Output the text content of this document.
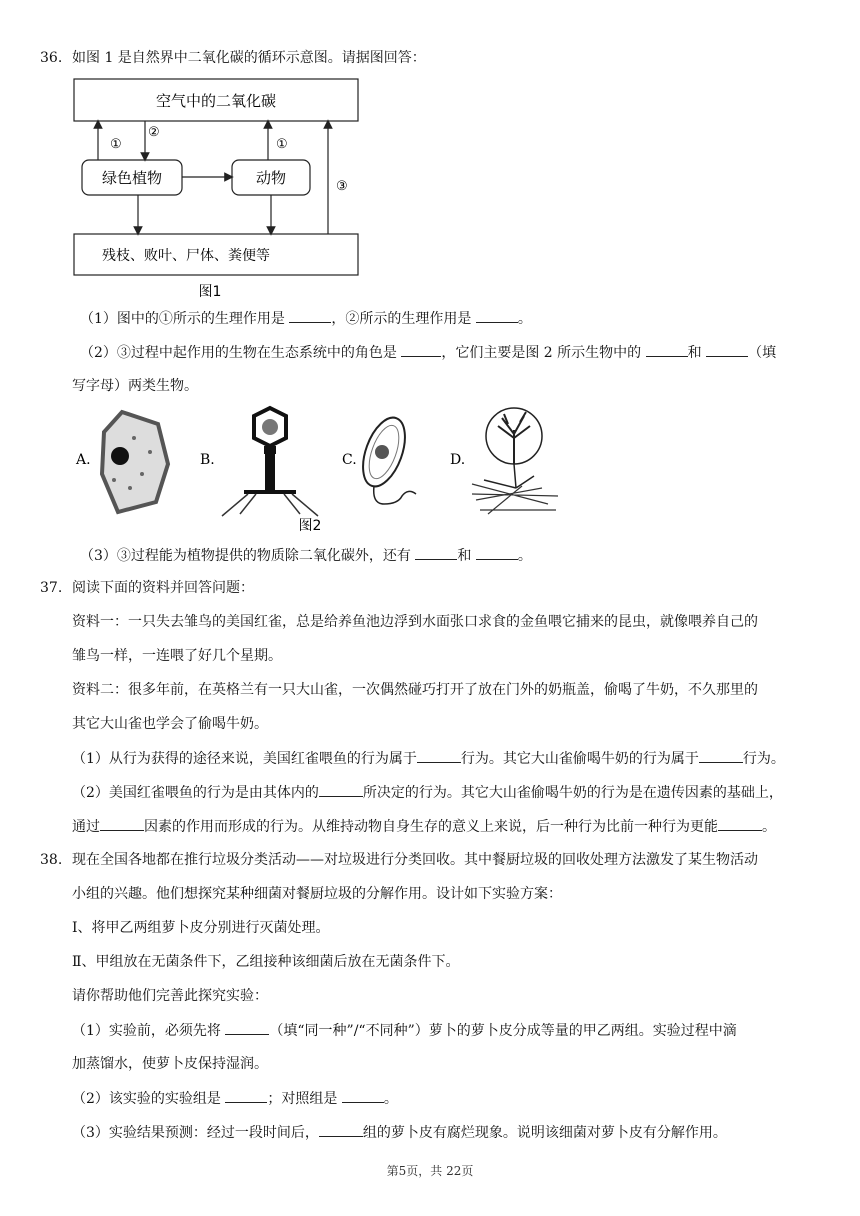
36. 如图 1 是自然界中二氧化碳的循环示意图。请据图回答：
空气中的二氧化碳
绿色植物	动物
残枝、败叶、尸体、粪便等
①
②
①
③
图1
（1）图中的①所示的生理作用是	，②所示的生理作用是	。
（2）③过程中起作用的生物在生态系统中的角色是	，它们主要是图 2 所示生物中的	和	（填
写字母）两类生物。
A.	B.	C.	D.
图2
（3）③过程能为植物提供的物质除二氧化碳外，还有	和	。
37. 阅读下面的资料并回答问题：
资料一：一只失去雏鸟的美国红雀，总是给养鱼池边浮到水面张口求食的金鱼喂它捕来的昆虫，就像喂养自己的
雏鸟一样，一连喂了好几个星期。
资料二：很多年前，在英格兰有一只大山雀，一次偶然碰巧打开了放在门外的奶瓶盖，偷喝了牛奶，不久那里的
其它大山雀也学会了偷喝牛奶。
（1）从行为获得的途径来说，美国红雀喂鱼的行为属于	行为。其它大山雀偷喝牛奶的行为属于	行为。
（2）美国红雀喂鱼的行为是由其体内的	所决定的行为。其它大山雀偷喝牛奶的行为是在遗传因素的基础上，
通过	因素的作用而形成的行为。从维持动物自身生存的意义上来说，后一种行为比前一种行为更能	。
38. 现在全国各地都在推行垃圾分类活动——对垃圾进行分类回收。其中餐厨垃圾的回收处理方法激发了某生物活动
小组的兴趣。他们想探究某种细菌对餐厨垃圾的分解作用。设计如下实验方案：
Ⅰ、将甲乙两组萝卜皮分别进行灭菌处理。
Ⅱ、甲组放在无菌条件下，乙组接种该细菌后放在无菌条件下。
请你帮助他们完善此探究实验：
（1）实验前，必须先将	（填“同一种”/“不同种”）萝卜的萝卜皮分成等量的甲乙两组。实验过程中滴
加蒸馏水，使萝卜皮保持湿润。
（2）该实验的实验组是	；对照组是	。
（3）实验结果预测：经过一段时间后，	组的萝卜皮有腐烂现象。说明该细菌对萝卜皮有分解作用。
第5页，共 22页
